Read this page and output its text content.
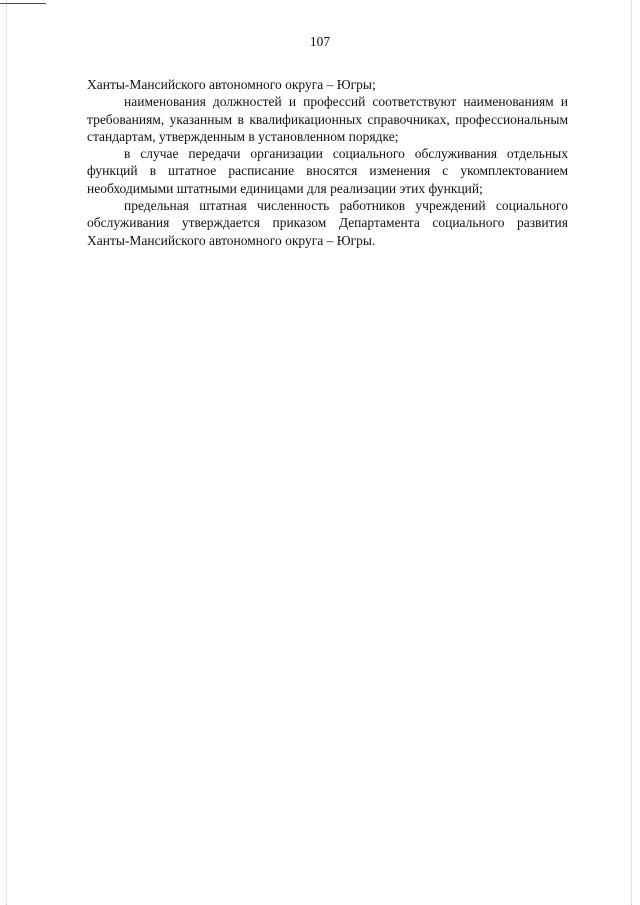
107

Ханты-Мансийского автономного округа – Югры;

наименования должностей и профессий соответствуют наименованиям и требованиям, указанным в квалификационных справочниках, профессиональным стандартам, утвержденным в установленном порядке;

в случае передачи организации социального обслуживания отдельных функций в штатное расписание вносятся изменения с укомплектованием необходимыми штатными единицами для реализации этих функций;

предельная штатная численность работников учреждений социального обслуживания утверждается приказом Департамента социального развития Ханты-Мансийского автономного округа – Югры.
